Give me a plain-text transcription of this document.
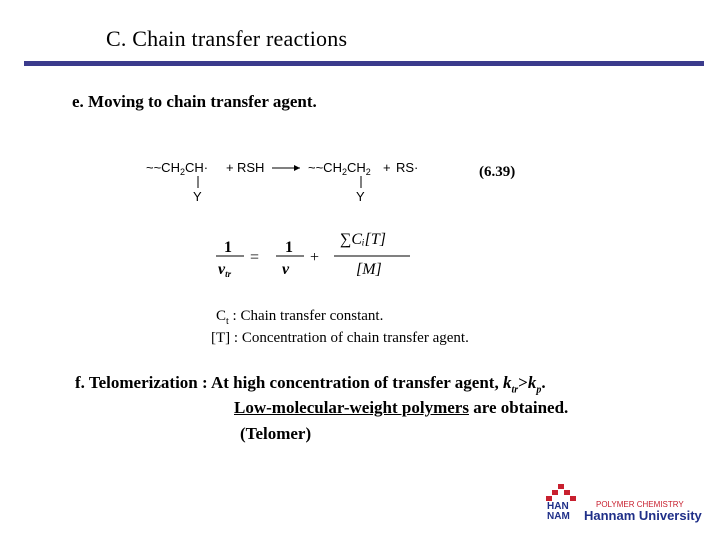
C. Chain transfer reactions
e. Moving to chain transfer agent.
$\sim\sim CH_2CH\cdot$
Y
+ RSH	$\sim\sim CH_2CH_2$
Y
+ RS·	(6.39)
1
νtr
=
1
ν
+
∑Cᵢ[T]
[M]
$C_t$ : Chain transfer constant.
[T] : Concentration of chain transfer agent.
f. Telomerization : At high concentration of transfer agent, $k_{tr}>k_p$.
Low-molecular-weight polymers are obtained.
(Telomer)
HAN
NAM
POLYMER CHEMISTRY
Hannam University
